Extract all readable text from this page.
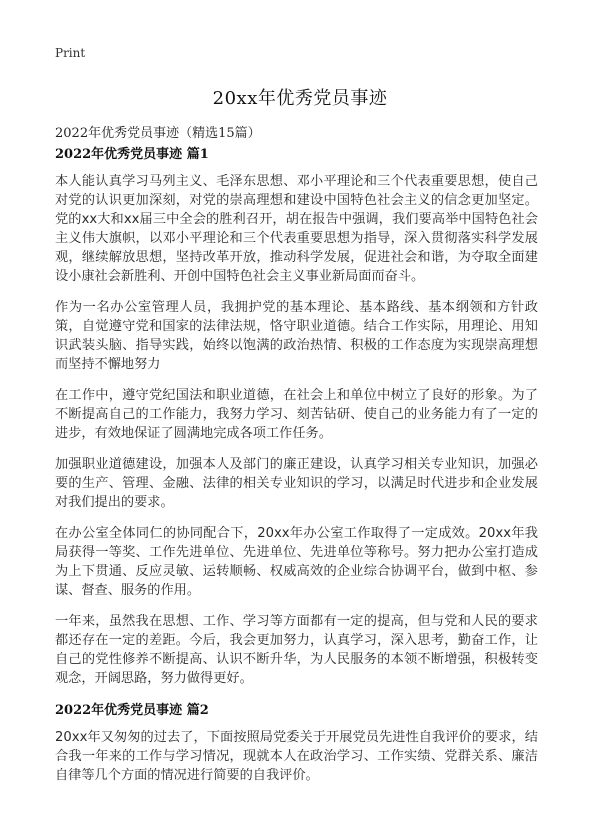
Print
20xx年优秀党员事迹
2022年优秀党员事迹（精选15篇）
2022年优秀党员事迹 篇1

本人能认真学习马列主义、毛泽东思想、邓小平理论和三个代表重要思想，使自己对党的认识更加深刻，对党的崇高理想和建设中国特色社会主义的信念更加坚定。党的xx大和xx届三中全会的胜利召开，胡在报告中强调，我们要高举中国特色社会主义伟大旗帜，以邓小平理论和三个代表重要思想为指导，深入贯彻落实科学发展观，继续解放思想，坚持改革开放，推动科学发展，促进社会和谐，为夺取全面建设小康社会新胜利、开创中国特色社会主义事业新局面而奋斗。

作为一名办公室管理人员，我拥护党的基本理论、基本路线、基本纲领和方针政策，自觉遵守党和国家的法律法规，恪守职业道德。结合工作实际，用理论、用知识武装头脑、指导实践，始终以饱满的政治热情、积极的工作态度为实现崇高理想而坚持不懈地努力

在工作中，遵守党纪国法和职业道德，在社会上和单位中树立了良好的形象。为了不断提高自己的工作能力，我努力学习、刻苦钻研、使自己的业务能力有了一定的进步，有效地保证了圆满地完成各项工作任务。

加强职业道德建设，加强本人及部门的廉正建设，认真学习相关专业知识，加强必要的生产、管理、金融、法律的相关专业知识的学习，以满足时代进步和企业发展对我们提出的要求。

在办公室全体同仁的协同配合下，20xx年办公室工作取得了一定成效。20xx年我局获得一等奖、工作先进单位、先进单位、先进单位等称号。努力把办公室打造成为上下贯通、反应灵敏、运转顺畅、权威高效的企业综合协调平台，做到中枢、参谋、督查、服务的作用。

一年来，虽然我在思想、工作、学习等方面都有一定的提高，但与党和人民的要求都还存在一定的差距。今后，我会更加努力，认真学习，深入思考，勤奋工作，让自己的党性修养不断提高、认识不断升华，为人民服务的本领不断增强，积极转变观念，开阔思路，努力做得更好。

2022年优秀党员事迹 篇2

20xx年又匆匆的过去了，下面按照局党委关于开展党员先进性自我评价的要求，结合我一年来的工作与学习情况，现就本人在政治学习、工作实绩、党群关系、廉洁自律等几个方面的情况进行简要的自我评价。
